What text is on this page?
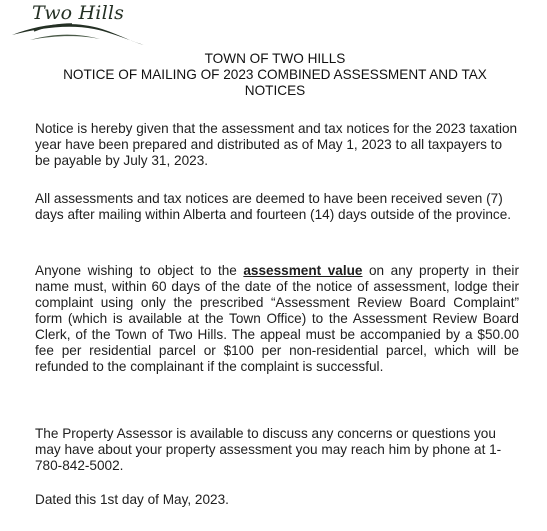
Two Hills
TOWN OF TWO HILLS
NOTICE OF MAILING OF 2023 COMBINED ASSESSMENT AND TAX
NOTICES

Notice is hereby given that the assessment and tax notices for the 2023 taxation year have been prepared and distributed as of May 1, 2023 to all taxpayers to be payable by July 31, 2023.

All assessments and tax notices are deemed to have been received seven (7) days after mailing within Alberta and fourteen (14) days outside of the province.

Anyone wishing to object to the assessment value on any property in their name must, within 60 days of the date of the notice of assessment, lodge their complaint using only the prescribed “Assessment Review Board Complaint” form (which is available at the Town Office) to the Assessment Review Board Clerk, of the Town of Two Hills. The appeal must be accompanied by a $50.00 fee per residential parcel or $100 per non-residential parcel, which will be refunded to the complainant if the complaint is successful.

The Property Assessor is available to discuss any concerns or questions you may have about your property assessment you may reach him by phone at 1-780-842-5002.

Dated this 1st day of May, 2023.
